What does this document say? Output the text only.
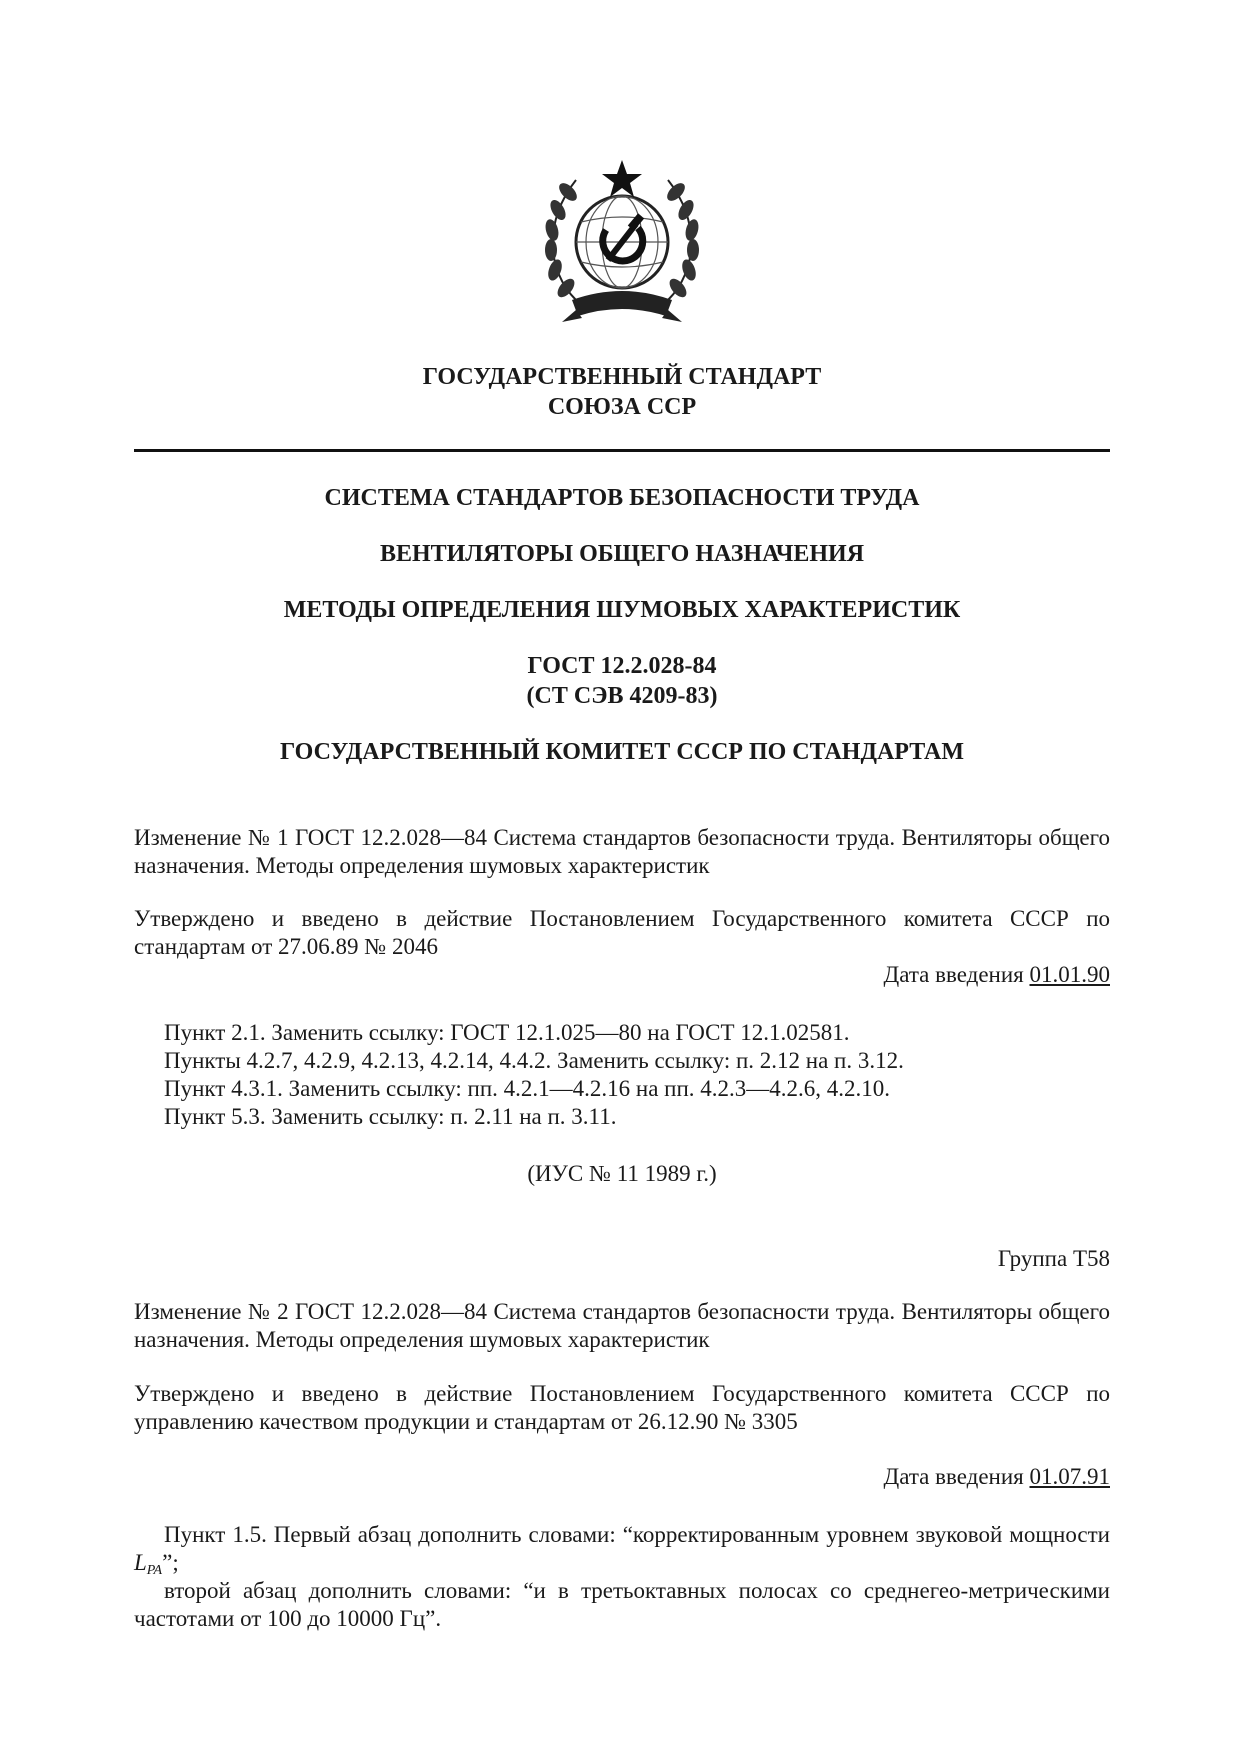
ГОСУДАРСТВЕННЫЙ СТАНДАРТ
СОЮЗА ССР
СИСТЕМА СТАНДАРТОВ БЕЗОПАСНОСТИ ТРУДА
ВЕНТИЛЯТОРЫ ОБЩЕГО НАЗНАЧЕНИЯ
МЕТОДЫ ОПРЕДЕЛЕНИЯ ШУМОВЫХ ХАРАКТЕРИСТИК
ГОСТ 12.2.028-84
(СТ СЭВ 4209-83)
ГОСУДАРСТВЕННЫЙ КОМИТЕТ СССР ПО СТАНДАРТАМ
Изменение № 1 ГОСТ 12.2.028—84 Система стандартов безопасности труда. Вентиляторы общего назначения. Методы определения шумовых характеристик
Утверждено и введено в действие Постановлением Государственного комитета СССР по стандартам от 27.06.89 № 2046
Дата введения 01.01.90
Пункт 2.1. Заменить ссылку: ГОСТ 12.1.025—80 на ГОСТ 12.1.02581.
Пункты 4.2.7, 4.2.9, 4.2.13, 4.2.14, 4.4.2. Заменить ссылку: п. 2.12 на п. 3.12.
Пункт 4.3.1. Заменить ссылку: пп. 4.2.1—4.2.16 на пп. 4.2.3—4.2.6, 4.2.10.
Пункт 5.3. Заменить ссылку: п. 2.11 на п. 3.11.
(ИУС № 11 1989 г.)
Группа Т58
Изменение № 2 ГОСТ 12.2.028—84 Система стандартов безопасности труда. Вентиляторы общего назначения. Методы определения шумовых характеристик
Утверждено и введено в действие Постановлением Государственного комитета СССР по управлению качеством продукции и стандартам от 26.12.90 № 3305
Дата введения 01.07.91
Пункт 1.5. Первый абзац дополнить словами: “корректированным уровнем звуковой мощности LPA”;
второй абзац дополнить словами: “и в третьоктавных полосах со среднегео-метрическими частотами от 100 до 10000 Гц”.
